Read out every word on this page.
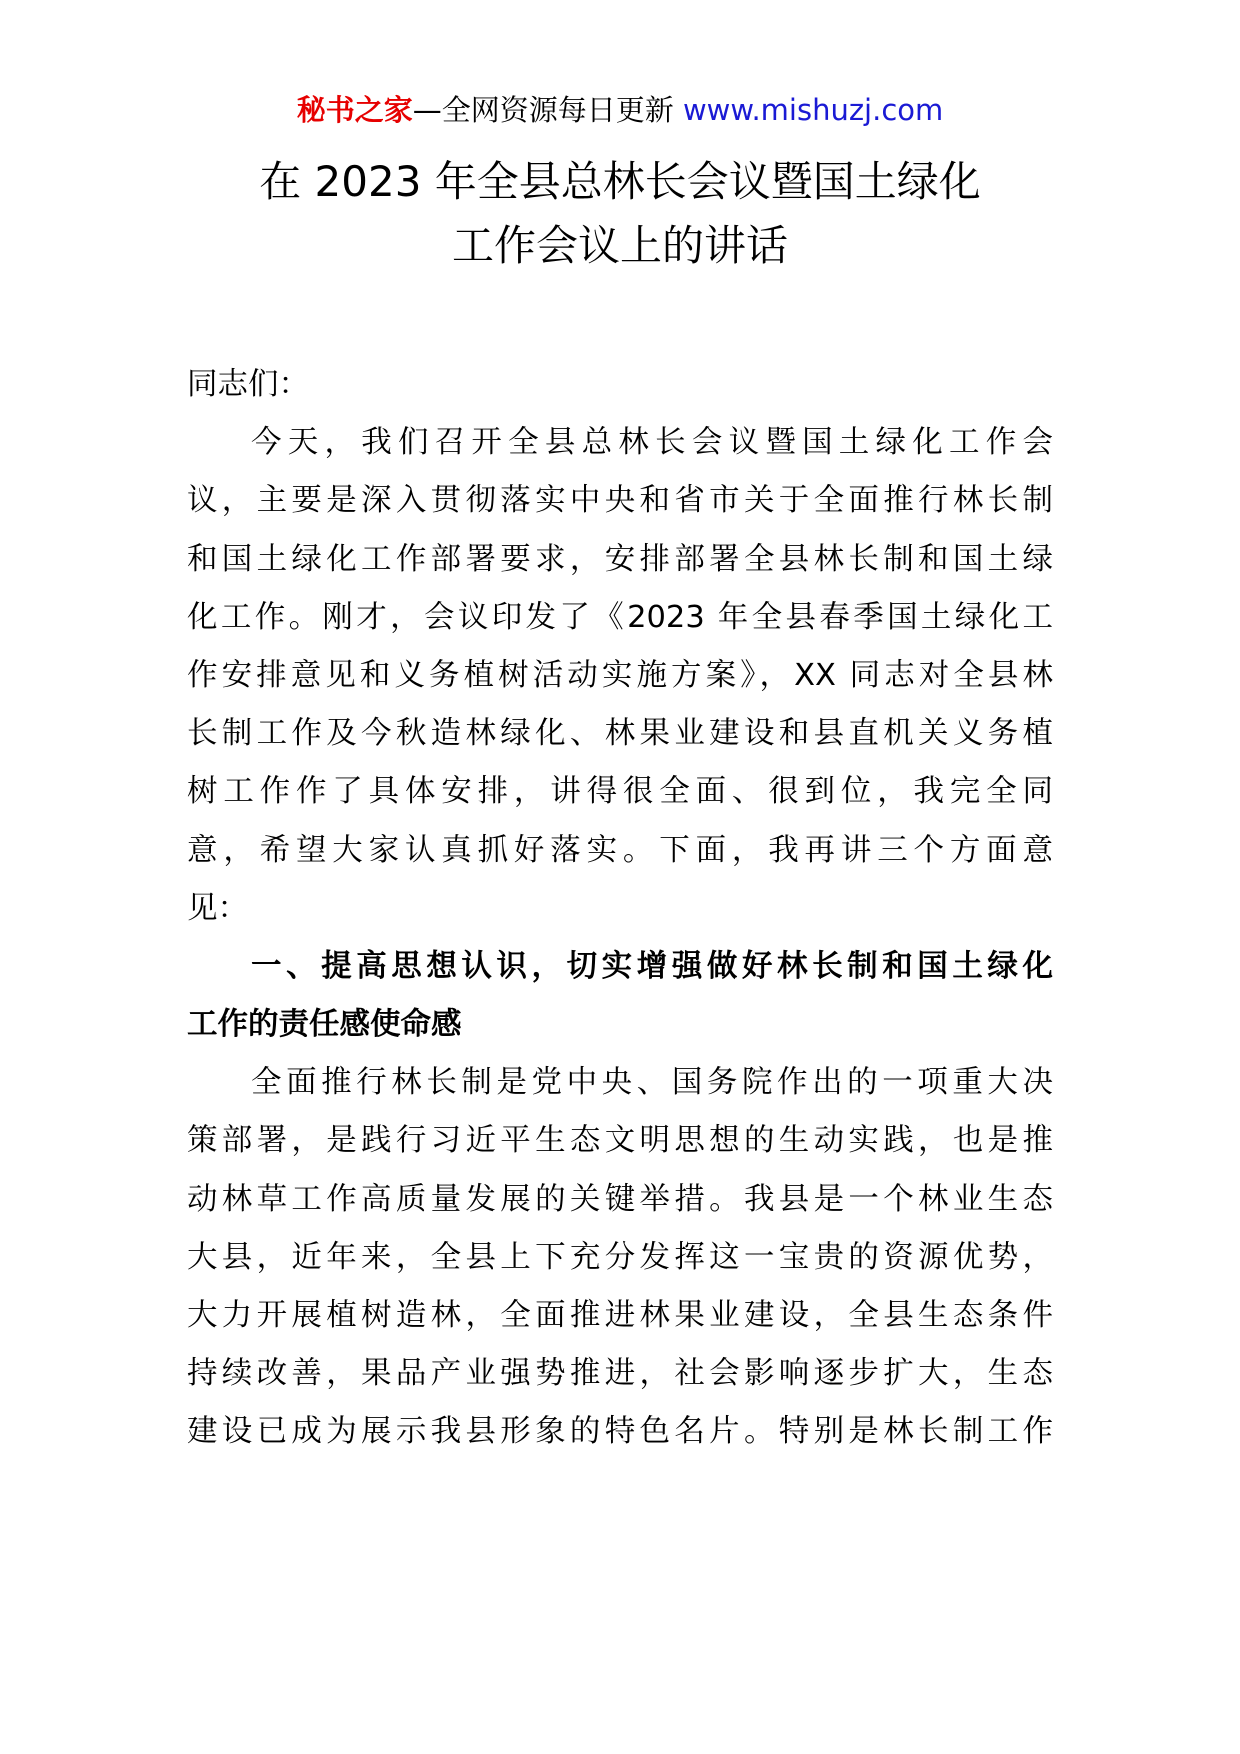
秘书之家—全网资源每日更新 www.mishuzj.com
在 2023 年全县总林长会议暨国土绿化
工作会议上的讲话
同志们：
今天，我们召开全县总林长会议暨国土绿化工作会
议，主要是深入贯彻落实中央和省市关于全面推行林长制
和国土绿化工作部署要求，安排部署全县林长制和国土绿
化工作。刚才，会议印发了《2023 年全县春季国土绿化工
作安排意见和义务植树活动实施方案》，XX 同志对全县林
长制工作及今秋造林绿化、林果业建设和县直机关义务植
树工作作了具体安排，讲得很全面、很到位，我完全同
意，希望大家认真抓好落实。下面，我再讲三个方面意
见：
一、提高思想认识，切实增强做好林长制和国土绿化
工作的责任感使命感
全面推行林长制是党中央、国务院作出的一项重大决
策部署，是践行习近平生态文明思想的生动实践，也是推
动林草工作高质量发展的关键举措。我县是一个林业生态
大县，近年来，全县上下充分发挥这一宝贵的资源优势，
大力开展植树造林，全面推进林果业建设，全县生态条件
持续改善，果品产业强势推进，社会影响逐步扩大，生态
建设已成为展示我县形象的特色名片。特别是林长制工作
